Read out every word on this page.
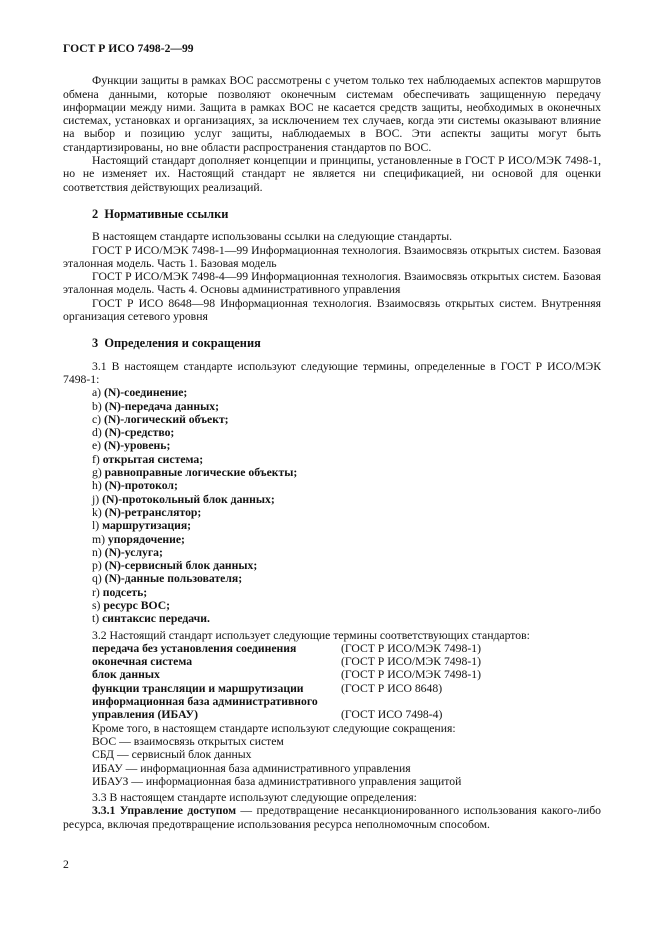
ГОСТ Р ИСО 7498-2—99

Функции защиты в рамках ВОС рассмотрены с учетом только тех наблюдаемых аспектов маршрутов обмена данными, которые позволяют оконечным системам обеспечивать защищенную передачу информации между ними. Защита в рамках ВОС не касается средств защиты, необходимых в оконечных системах, установках и организациях, за исключением тех случаев, когда эти системы оказывают влияние на выбор и позицию услуг защиты, наблюдаемых в ВОС. Эти аспекты защиты могут быть стандартизированы, но вне области распространения стандартов по ВОС.

Настоящий стандарт дополняет концепции и принципы, установленные в ГОСТ Р ИСО/МЭК 7498-1, но не изменяет их. Настоящий стандарт не является ни спецификацией, ни основой для оценки соответствия действующих реализаций.

2  Нормативные ссылки

В настоящем стандарте использованы ссылки на следующие стандарты.

ГОСТ Р ИСО/МЭК 7498-1—99 Информационная технология. Взаимосвязь открытых систем. Базовая эталонная модель. Часть 1. Базовая модель

ГОСТ Р ИСО/МЭК 7498-4—99 Информационная технология. Взаимосвязь открытых систем. Базовая эталонная модель. Часть 4. Основы административного управления

ГОСТ Р ИСО 8648—98 Информационная технология. Взаимосвязь открытых систем. Внутренняя организация сетевого уровня

3  Определения и сокращения

3.1 В настоящем стандарте используют следующие термины, определенные в ГОСТ Р ИСО/МЭК 7498-1:

a) (N)-соединение;
b) (N)-передача данных;
c) (N)-логический объект;
d) (N)-средство;
e) (N)-уровень;
f) открытая система;
g) равноправные логические объекты;
h) (N)-протокол;
j) (N)-протокольный блок данных;
k) (N)-ретранслятор;
l) маршрутизация;
m) упорядочение;
n) (N)-услуга;
p) (N)-сервисный блок данных;
q) (N)-данные пользователя;
r) подсеть;
s) ресурс ВОС;
t) синтаксис передачи.

3.2 Настоящий стандарт использует следующие термины соответствующих стандартов:

передача без установления соединения	(ГОСТ Р ИСО/МЭК 7498-1)
оконечная система	(ГОСТ Р ИСО/МЭК 7498-1)
блок данных	(ГОСТ Р ИСО/МЭК 7498-1)
функции трансляции и маршрутизации	(ГОСТ Р ИСО 8648)
информационная база административного управления (ИБАУ)	(ГОСТ ИСО 7498-4)
Кроме того, в настоящем стандарте используют следующие сокращения:
ВОС — взаимосвязь открытых систем
СБД — сервисный блок данных
ИБАУ — информационная база административного управления
ИБАУЗ — информационная база административного управления защитой

3.3 В настоящем стандарте используют следующие определения:

3.3.1 Управление доступом — предотвращение несанкционированного использования какого-либо ресурса, включая предотвращение использования ресурса неполномочным способом.

2
